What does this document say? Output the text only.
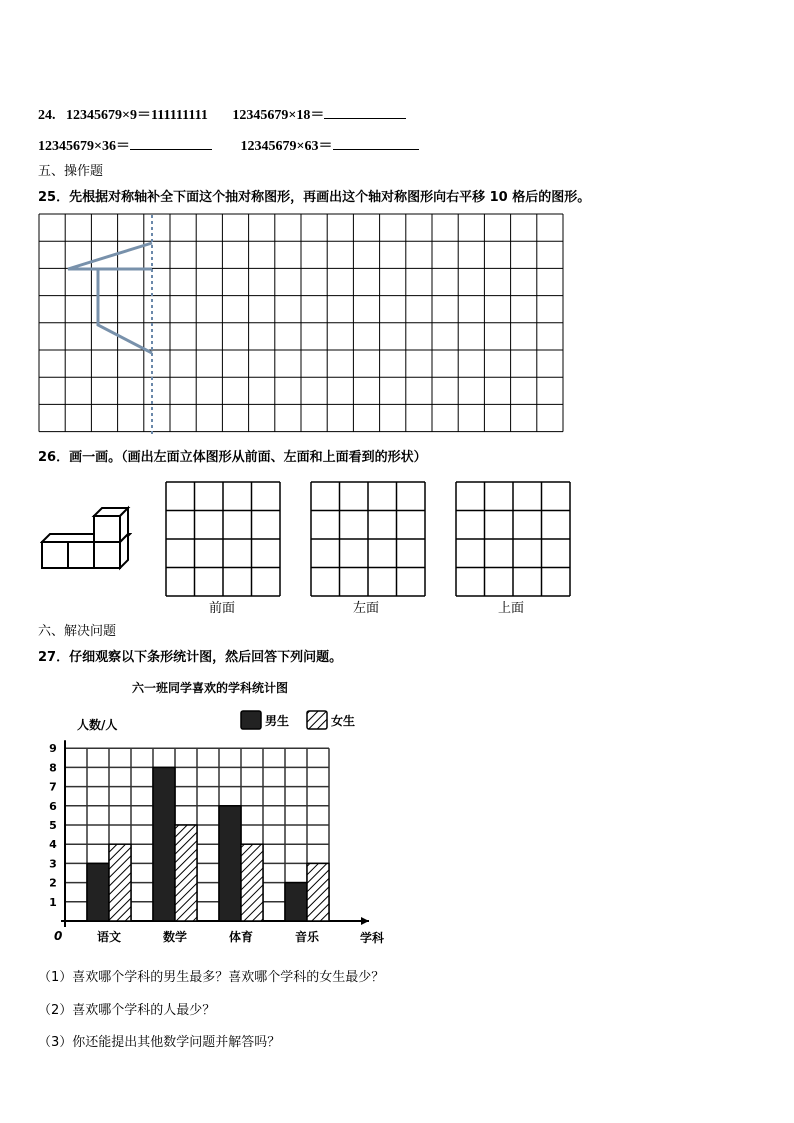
24. 12345679×9＝111111111 12345679×18＝
12345679×36＝	12345679×63＝
五、操作题
25．先根据对称轴补全下面这个抽对称图形，再画出这个轴对称图形向右平移 10 格后的图形。
26．画一画。（画出左面立体图形从前面、左面和上面看到的形状）
前面	左面	上面
六、解决问题
27．仔细观察以下条形统计图，然后回答下列问题。
六一班同学喜欢的学科统计图
人数/人	男生	女生
1
2
3
4
5
6
7
8
9
语文	数学	体育	音乐
0	学科
（1）喜欢哪个学科的男生最多？喜欢哪个学科的女生最少？
（2）喜欢哪个学科的人最少？
（3）你还能提出其他数学问题并解答吗？
